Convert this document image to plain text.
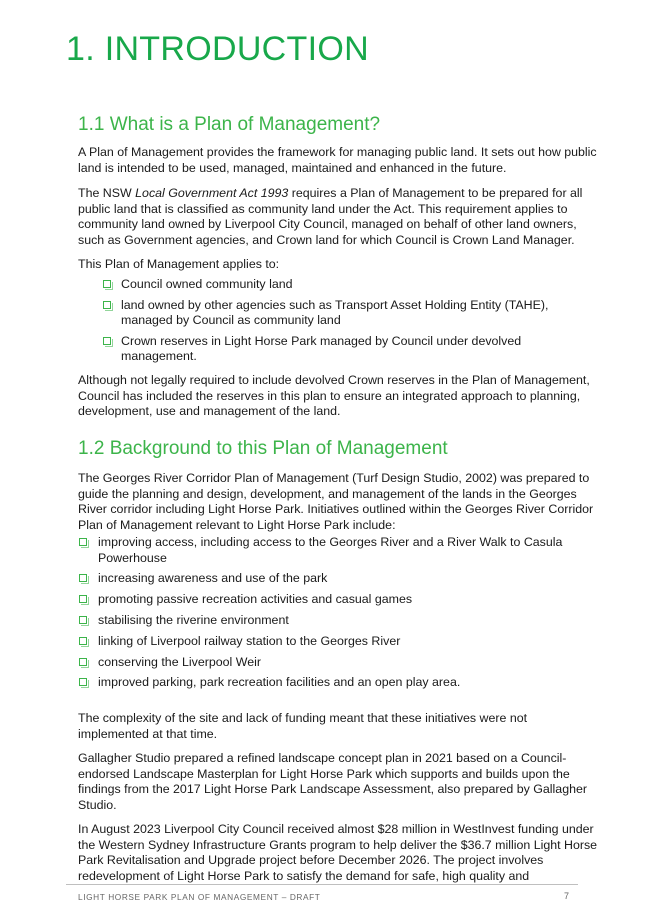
1. INTRODUCTION
1.1 What is a Plan of Management?

A Plan of Management provides the framework for managing public land. It sets out how public land is intended to be used, managed, maintained and enhanced in the future.

The NSW Local Government Act 1993 requires a Plan of Management to be prepared for all public land that is classified as community land under the Act. This requirement applies to community land owned by Liverpool City Council, managed on behalf of other land owners, such as Government agencies, and Crown land for which Council is Crown Land Manager.

This Plan of Management applies to:

Council owned community land
land owned by other agencies such as Transport Asset Holding Entity (TAHE), managed by Council as community land
Crown reserves in Light Horse Park managed by Council under devolved management.

Although not legally required to include devolved Crown reserves in the Plan of Management, Council has included the reserves in this plan to ensure an integrated approach to planning, development, use and management of the land.

1.2 Background to this Plan of Management

The Georges River Corridor Plan of Management (Turf Design Studio, 2002) was prepared to guide the planning and design, development, and management of the lands in the Georges River corridor including Light Horse Park. Initiatives outlined within the Georges River Corridor Plan of Management relevant to Light Horse Park include:

improving access, including access to the Georges River and a River Walk to Casula Powerhouse
increasing awareness and use of the park
promoting passive recreation activities and casual games
stabilising the riverine environment
linking of Liverpool railway station to the Georges River
conserving the Liverpool Weir
improved parking, park recreation facilities and an open play area.

The complexity of the site and lack of funding meant that these initiatives were not implemented at that time.

Gallagher Studio prepared a refined landscape concept plan in 2021 based on a Council-endorsed Landscape Masterplan for Light Horse Park which supports and builds upon the findings from the 2017 Light Horse Park Landscape Assessment, also prepared by Gallagher Studio.

In August 2023 Liverpool City Council received almost $28 million in WestInvest funding under the Western Sydney Infrastructure Grants program to help deliver the $36.7 million Light Horse Park Revitalisation and Upgrade project before December 2026. The project involves redevelopment of Light Horse Park to satisfy the demand for safe, high quality and

LIGHT HORSE PARK PLAN OF MANAGEMENT – DRAFT	7
